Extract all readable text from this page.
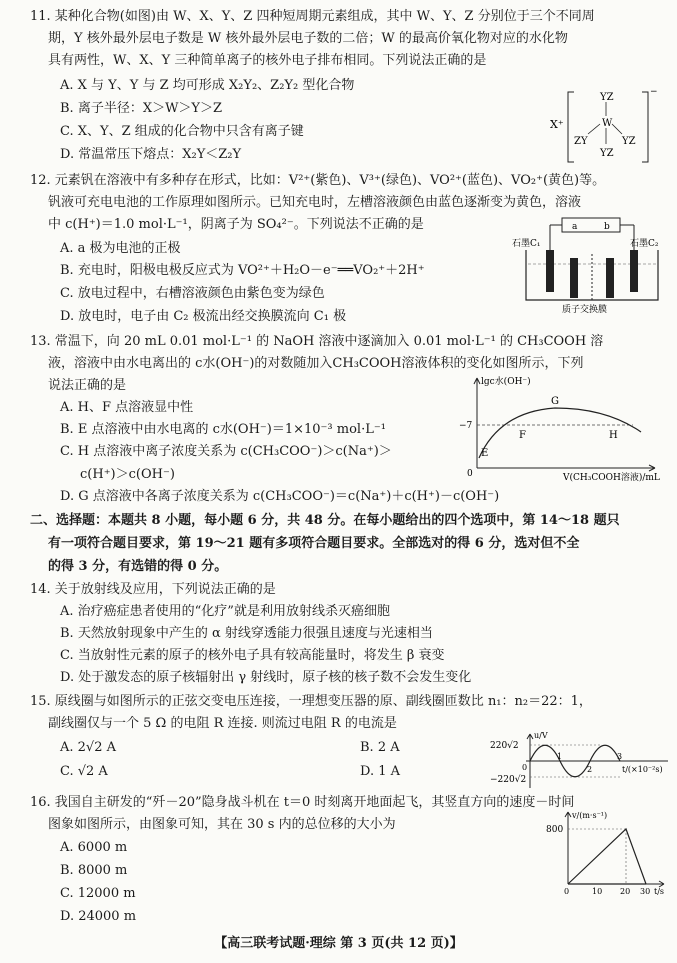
11. 某种化合物(如图)由 W、X、Y、Z 四种短周期元素组成，其中 W、Y、Z 分别位于三个不同周
期，Y 核外最外层电子数是 W 核外最外层电子数的二倍；W 的最高价氧化物对应的水化物
具有两性，W、X、Y 三种简单离子的核外电子排布相同。下列说法正确的是
A. X 与 Y、Y 与 Z 均可形成 X₂Y₂、Z₂Y₂ 型化合物
B. 离子半径：X＞W＞Y＞Z
C. X、Y、Z 组成的化合物中只含有离子键
D. 常温常压下熔点：X₂Y＜Z₂Y
X⁺
−
W
YZ
ZY	YZ
YZ
12. 元素钒在溶液中有多种存在形式，比如：V²⁺(紫色)、V³⁺(绿色)、VO²⁺(蓝色)、VO₂⁺(黄色)等。
钒液可充电电池的工作原理如图所示。已知充电时，左槽溶液颜色由蓝色逐渐变为黄色，溶液
中 c(H⁺)＝1.0 mol·L⁻¹，阴离子为 SO₄²⁻。下列说法不正确的是
A. a 极为电池的正极
B. 充电时，阳极电极反应式为 VO²⁺＋H₂O－e⁻══VO₂⁺＋2H⁺
C. 放电过程中，右槽溶液颜色由紫色变为绿色
D. 放电时，电子由 C₂ 极流出经交换膜流向 C₁ 极
a	b
石墨C₁	石墨C₂
质子交换膜
13. 常温下，向 20 mL 0.01 mol·L⁻¹ 的 NaOH 溶液中逐滴加入 0.01 mol·L⁻¹ 的 CH₃COOH 溶
液，溶液中由水电离出的 c水(OH⁻)的对数随加入CH₃COOH溶液体积的变化如图所示，下列
说法正确的是
A. H、F 点溶液显中性
B. E 点溶液中由水电离的 c水(OH⁻)＝1×10⁻³ mol·L⁻¹
C. H 点溶液中离子浓度关系为 c(CH₃COO⁻)＞c(Na⁺)＞
c(H⁺)＞c(OH⁻)
D. G 点溶液中各离子浓度关系为 c(CH₃COO⁻)＝c(Na⁺)＋c(H⁺)－c(OH⁻)
lgc水(OH⁻)
V(CH₃COOH溶液)/mL
−7
0
E
F
G
H
二、选择题：本题共 8 小题，每小题 6 分，共 48 分。在每小题给出的四个选项中，第 14～18 题只
有一项符合题目要求，第 19～21 题有多项符合题目要求。全部选对的得 6 分，选对但不全
的得 3 分，有选错的得 0 分。
14. 关于放射线及应用，下列说法正确的是
A. 治疗癌症患者使用的“化疗”就是利用放射线杀灭癌细胞
B. 天然放射现象中产生的 α 射线穿透能力很强且速度与光速相当
C. 当放射性元素的原子的核外电子具有较高能量时，将发生 β 衰变
D. 处于激发态的原子核辐射出 γ 射线时，原子核的核子数不会发生变化
15. 原线圈与如图所示的正弦交变电压连接，一理想变压器的原、副线圈匝数比 n₁：n₂＝22：1，
副线圈仅与一个 5 Ω 的电阻 R 连接. 则流过电阻 R 的电流是
A. 2√2 A	B. 2 A
C. √2 A	D. 1 A
u/V
220√2
−220√2
0
1
2
3
t/(×10⁻²s)
16. 我国自主研发的“歼－20”隐身战斗机在 t＝0 时刻离开地面起飞，其竖直方向的速度－时间
图象如图所示，由图象可知，其在 30 s 内的总位移的大小为
A. 6000 m
B. 8000 m
C. 12000 m
D. 24000 m
v/(m·s⁻¹)
800
0	10 20 30 t/s
【高三联考试题·理综 第 3 页(共 12 页)】
